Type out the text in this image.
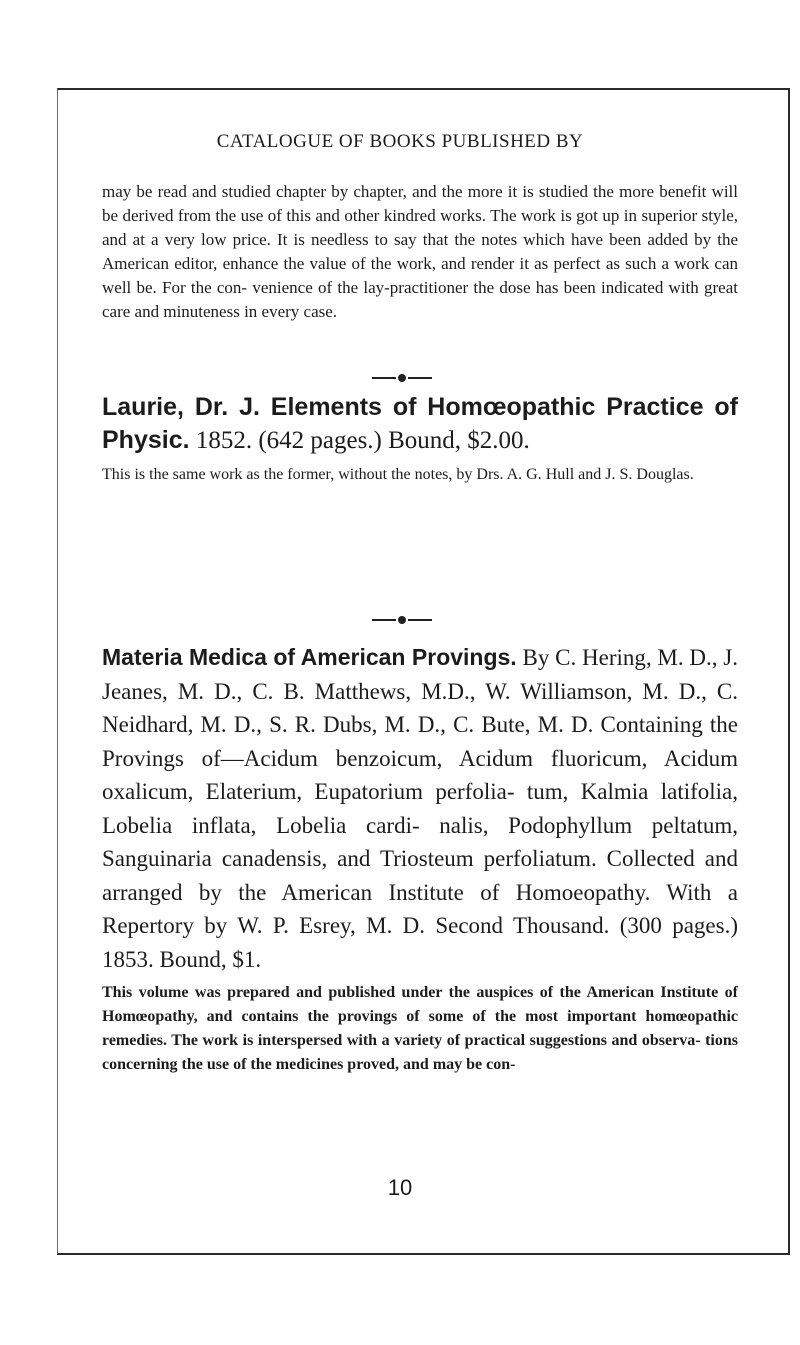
CATALOGUE OF BOOKS PUBLISHED BY
may be read and studied chapter by chapter, and the more it is studied the more benefit will be derived from the use of this and other kindred works. The work is got up in superior style, and at a very low price. It is needless to say that the notes which have been added by the American editor, enhance the value of the work, and render it as perfect as such a work can well be. For the con- venience of the lay-practitioner the dose has been indicated with great care and minuteness in every case.
Laurie, Dr. J. Elements of Homœopathic Practice of Physic. 1852. (642 pages.) Bound, $2.00.
This is the same work as the former, without the notes, by Drs. A. G. Hull and J. S. Douglas.
Materia Medica of American Provings. By C. Hering, M. D., J. Jeanes, M. D., C. B. Matthews, M.D., W. Williamson, M. D., C. Neidhard, M. D., S. R. Dubs, M. D., C. Bute, M. D. Containing the Provings of—Acidum benzoicum, Acidum fluoricum, Acidum oxalicum, Elaterium, Eupatorium perfolia- tum, Kalmia latifolia, Lobelia inflata, Lobelia cardi- nalis, Podophyllum peltatum, Sanguinaria canadensis, and Triosteum perfoliatum. Collected and arranged by the American Institute of Homoeopathy. With a Repertory by W. P. Esrey, M. D. Second Thousand. (300 pages.) 1853. Bound, $1.
This volume was prepared and published under the auspices of the American Institute of Homœopathy, and contains the provings of some of the most important homœopathic remedies. The work is interspersed with a variety of practical suggestions and observa- tions concerning the use of the medicines proved, and may be con-
10
